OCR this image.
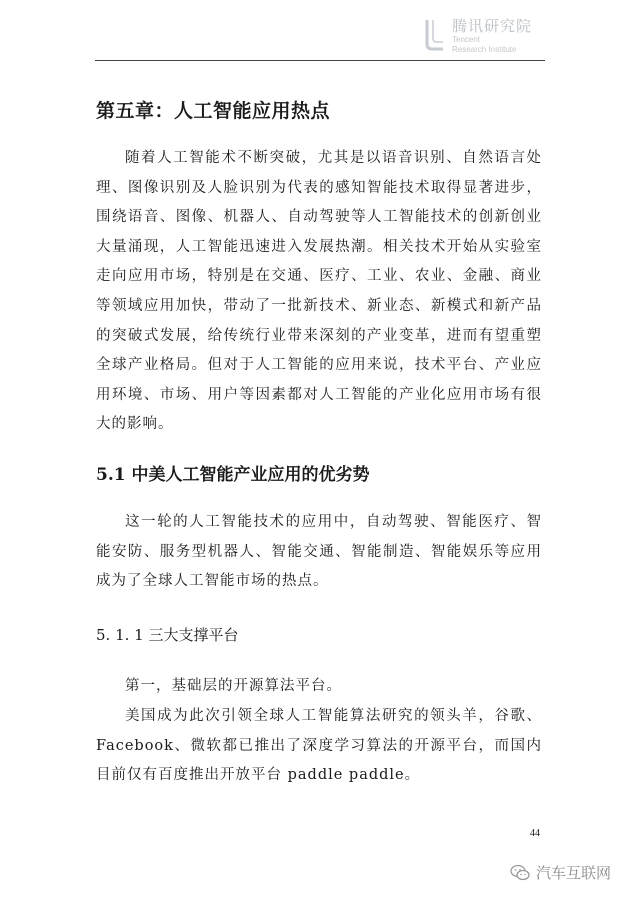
腾讯研究院
Tencent
Research Institute
第五章：人工智能应用热点

随着人工智能术不断突破，尤其是以语音识别、自然语言处理、图像识别及人脸识别为代表的感知智能技术取得显著进步，围绕语音、图像、机器人、自动驾驶等人工智能技术的创新创业大量涌现，人工智能迅速进入发展热潮。相关技术开始从实验室走向应用市场，特别是在交通、医疗、工业、农业、金融、商业等领域应用加快，带动了一批新技术、新业态、新模式和新产品的突破式发展，给传统行业带来深刻的产业变革，进而有望重塑全球产业格局。但对于人工智能的应用来说，技术平台、产业应用环境、市场、用户等因素都对人工智能的产业化应用市场有很大的影响。

5.1 中美人工智能产业应用的优劣势

这一轮的人工智能技术的应用中，自动驾驶、智能医疗、智能安防、服务型机器人、智能交通、智能制造、智能娱乐等应用成为了全球人工智能市场的热点。

5. 1. 1 三大支撑平台

第一，基础层的开源算法平台。

美国成为此次引领全球人工智能算法研究的领头羊，谷歌、Facebook、微软都已推出了深度学习算法的开源平台，而国内目前仅有百度推出开放平台 paddle paddle。

44
汽车互联网
